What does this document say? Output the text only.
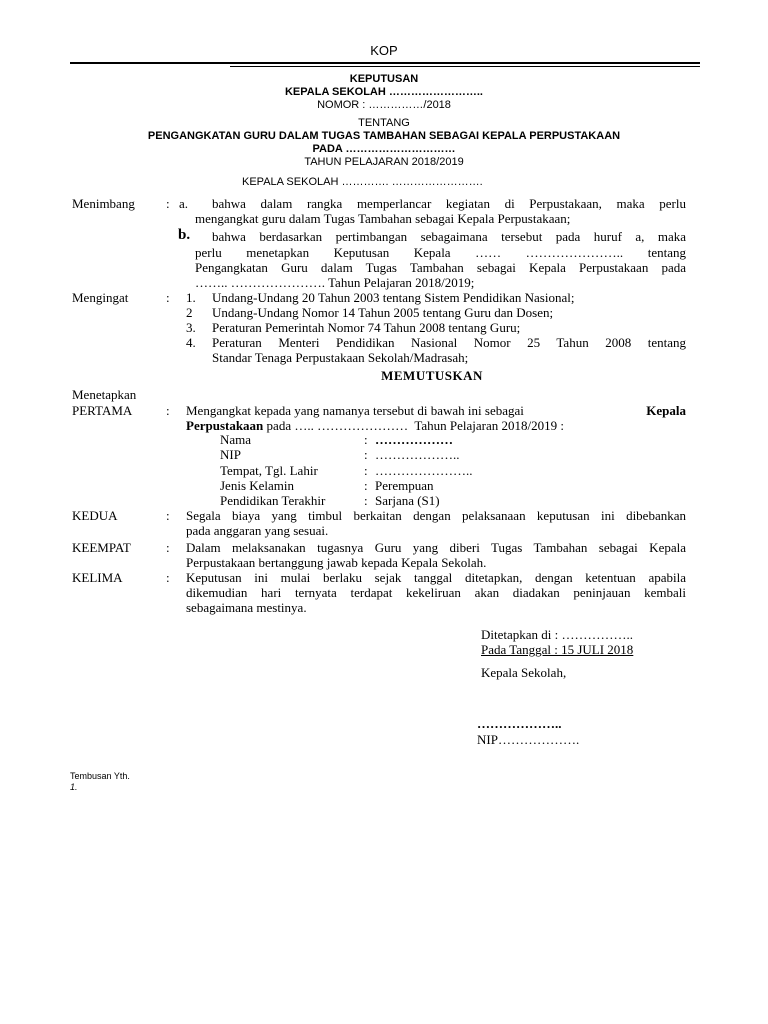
KOP
KEPUTUSAN
KEPALA SEKOLAH ……………………..
NOMOR : ……………/2018
TENTANG
PENGANGKATAN GURU DALAM TUGAS TAMBAHAN SEBAGAI KEPALA PERPUSTAKAAN
PADA …………………………
TAHUN PELAJARAN 2018/2019
KEPALA SEKOLAH …………. …………………….
Menimbang : a. bahwa dalam rangka memperlancar kegiatan di Perpustakaan, maka perlu
mengangkat guru dalam Tugas Tambahan sebagai Kepala Perpustakaan;
b. bahwa berdasarkan pertimbangan sebagaimana tersebut pada huruf a, maka
perlu menetapkan Keputusan Kepala …… ………………….. tentang
Pengangkatan Guru dalam Tugas Tambahan sebagai Kepala Perpustakaan pada
…….. …………………. Tahun Pelajaran 2018/2019;
Mengingat	: 1. Undang-Undang 20 Tahun 2003 tentang Sistem Pendidikan Nasional;
2 Undang-Undang Nomor 14 Tahun 2005 tentang Guru dan Dosen;
3. Peraturan Pemerintah Nomor 74 Tahun 2008 tentang Guru;
4. Peraturan Menteri Pendidikan Nasional Nomor 25 Tahun 2008 tentang
Standar Tenaga Perpustakaan Sekolah/Madrasah;
MEMUTUSKAN
Menetapkan
PERTAMA	: Mengangkat kepada yang namanya tersebut di bawah ini sebagai	Kepala
Perpustakaan pada ….. …………………  Tahun Pelajaran 2018/2019 :
Nama	: ………………
NIP	: ………………..
Tempat, Tgl. Lahir	: …………………..
Jenis Kelamin	: Perempuan
Pendidikan Terakhir	: Sarjana (S1)
KEDUA	: Segala biaya yang timbul berkaitan dengan pelaksanaan keputusan ini dibebankan
pada anggaran yang sesuai.
KEEMPAT	: Dalam melaksanakan tugasnya Guru yang diberi Tugas Tambahan sebagai Kepala
Perpustakaan bertanggung jawab kepada Kepala Sekolah.
KELIMA	: Keputusan ini mulai berlaku sejak tanggal ditetapkan, dengan ketentuan apabila
dikemudian hari ternyata terdapat kekeliruan akan diadakan peninjauan kembali
sebagaimana mestinya.
Ditetapkan di : ……………..
Pada Tanggal : 15 JULI 2018
Kepala Sekolah,
………………..
NIP……………….
Tembusan Yth.
1.
